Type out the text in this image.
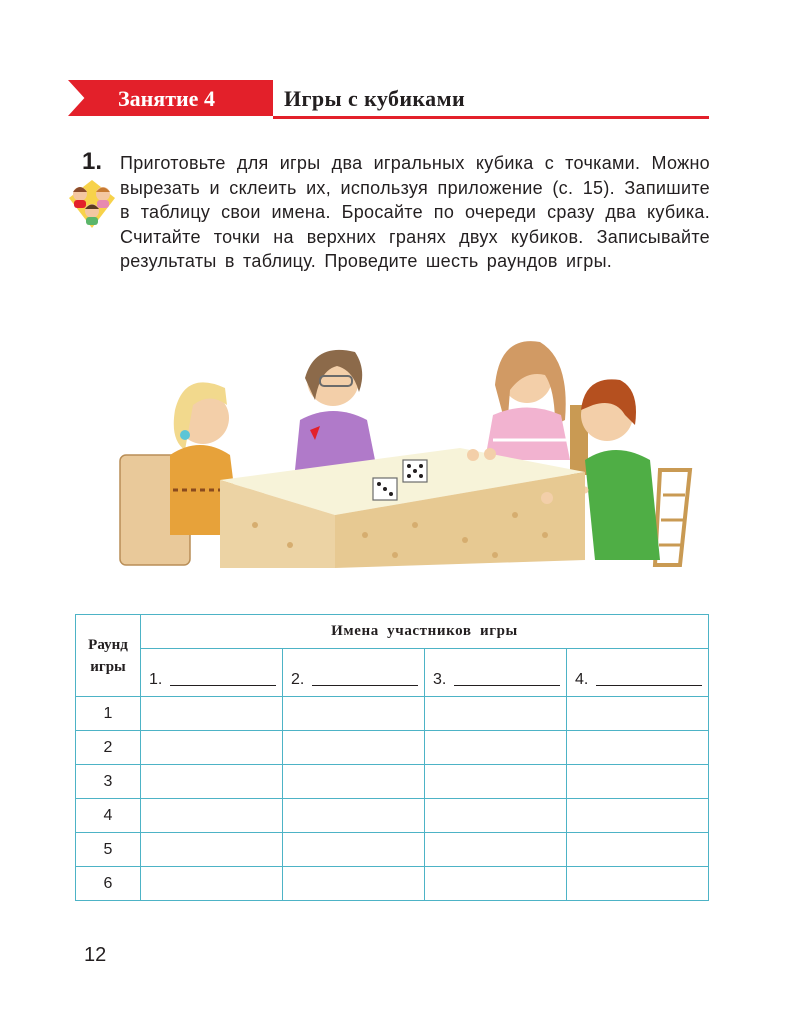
Занятие 4	Игры с кубиками
1. Приготовьте для игры два игральных кубика с точками. Можно вырезать и склеить их, используя приложение (с. 15). Запишите в таблицу свои имена. Бросайте по очереди сразу два кубика. Считайте точки на верхних гранях двух кубиков. Записывайте результаты в таблицу. Проведите шесть раундов игры.
Раунд игры	Имена участников игры			

	1.	2.	3.	4.

1				
2				
3				
4				
5				
6				
12
